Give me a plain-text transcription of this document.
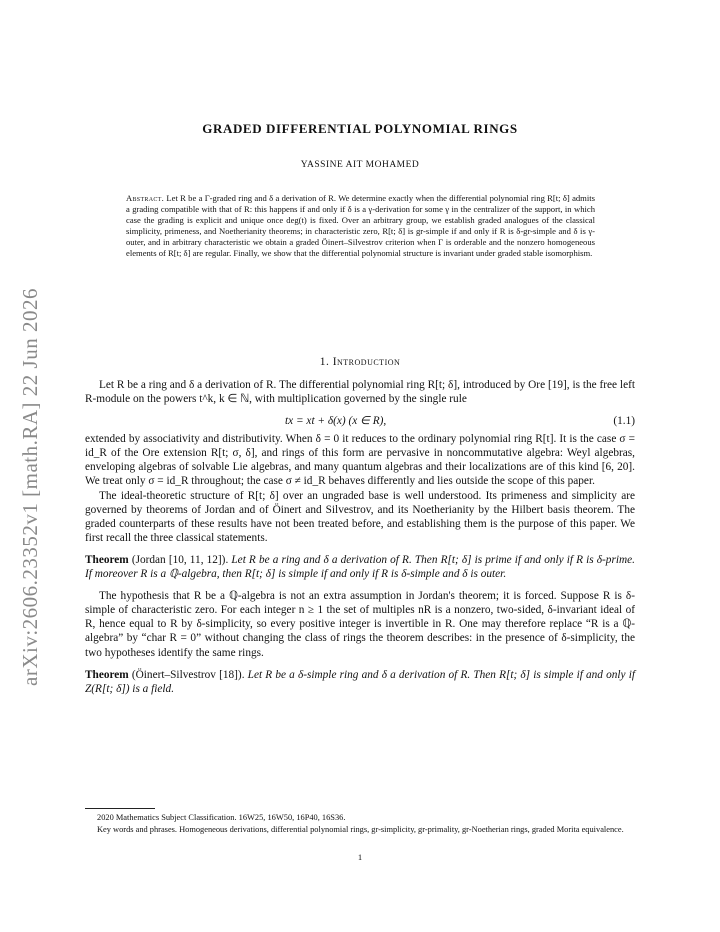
arXiv:2606.23352v1 [math.RA] 22 Jun 2026
GRADED DIFFERENTIAL POLYNOMIAL RINGS
YASSINE AIT MOHAMED
Abstract. Let R be a Γ-graded ring and δ a derivation of R. We determine exactly when the differential polynomial ring R[t; δ] admits a grading compatible with that of R: this happens if and only if δ is a γ-derivation for some γ in the centralizer of the support, in which case the grading is explicit and unique once deg(t) is fixed. Over an arbitrary group, we establish graded analogues of the classical simplicity, primeness, and Noetherianity theorems; in characteristic zero, R[t; δ] is gr-simple if and only if R is δ-gr-simple and δ is γ-outer, and in arbitrary characteristic we obtain a graded Öinert–Silvestrov criterion when Γ is orderable and the nonzero homogeneous elements of R[t; δ] are regular. Finally, we show that the differential polynomial structure is invariant under graded stable isomorphism.
1. Introduction

Let R be a ring and δ a derivation of R. The differential polynomial ring R[t; δ], introduced by Ore [19], is the free left R-module on the powers t^k, k ∈ ℕ, with multiplication governed by the single rule

tx = xt + δ(x) (x ∈ R),	(1.1)

extended by associativity and distributivity. When δ = 0 it reduces to the ordinary polynomial ring R[t]. It is the case σ = id_R of the Ore extension R[t; σ, δ], and rings of this form are pervasive in noncommutative algebra: Weyl algebras, enveloping algebras of solvable Lie algebras, and many quantum algebras and their localizations are of this kind [6, 20]. We treat only σ = id_R throughout; the case σ ≠ id_R behaves differently and lies outside the scope of this paper.

The ideal-theoretic structure of R[t; δ] over an ungraded base is well understood. Its primeness and simplicity are governed by theorems of Jordan and of Öinert and Silvestrov, and its Noetherianity by the Hilbert basis theorem. The graded counterparts of these results have not been treated before, and establishing them is the purpose of this paper. We first recall the three classical statements.

Theorem (Jordan [10, 11, 12]). Let R be a ring and δ a derivation of R. Then R[t; δ] is prime if and only if R is δ-prime. If moreover R is a ℚ-algebra, then R[t; δ] is simple if and only if R is δ-simple and δ is outer.

The hypothesis that R be a ℚ-algebra is not an extra assumption in Jordan's theorem; it is forced. Suppose R is δ-simple of characteristic zero. For each integer n ≥ 1 the set of multiples nR is a nonzero, two-sided, δ-invariant ideal of R, hence equal to R by δ-simplicity, so every positive integer is invertible in R. One may therefore replace “R is a ℚ-algebra” by “char R = 0” without changing the class of rings the theorem describes: in the presence of δ-simplicity, the two hypotheses identify the same rings.

Theorem (Öinert–Silvestrov [18]). Let R be a δ-simple ring and δ a derivation of R. Then R[t; δ] is simple if and only if Z(R[t; δ]) is a field.

2020 Mathematics Subject Classification. 16W25, 16W50, 16P40, 16S36.

Key words and phrases. Homogeneous derivations, differential polynomial rings, gr-simplicity, gr-primality, gr-Noetherian rings, graded Morita equivalence.

1
